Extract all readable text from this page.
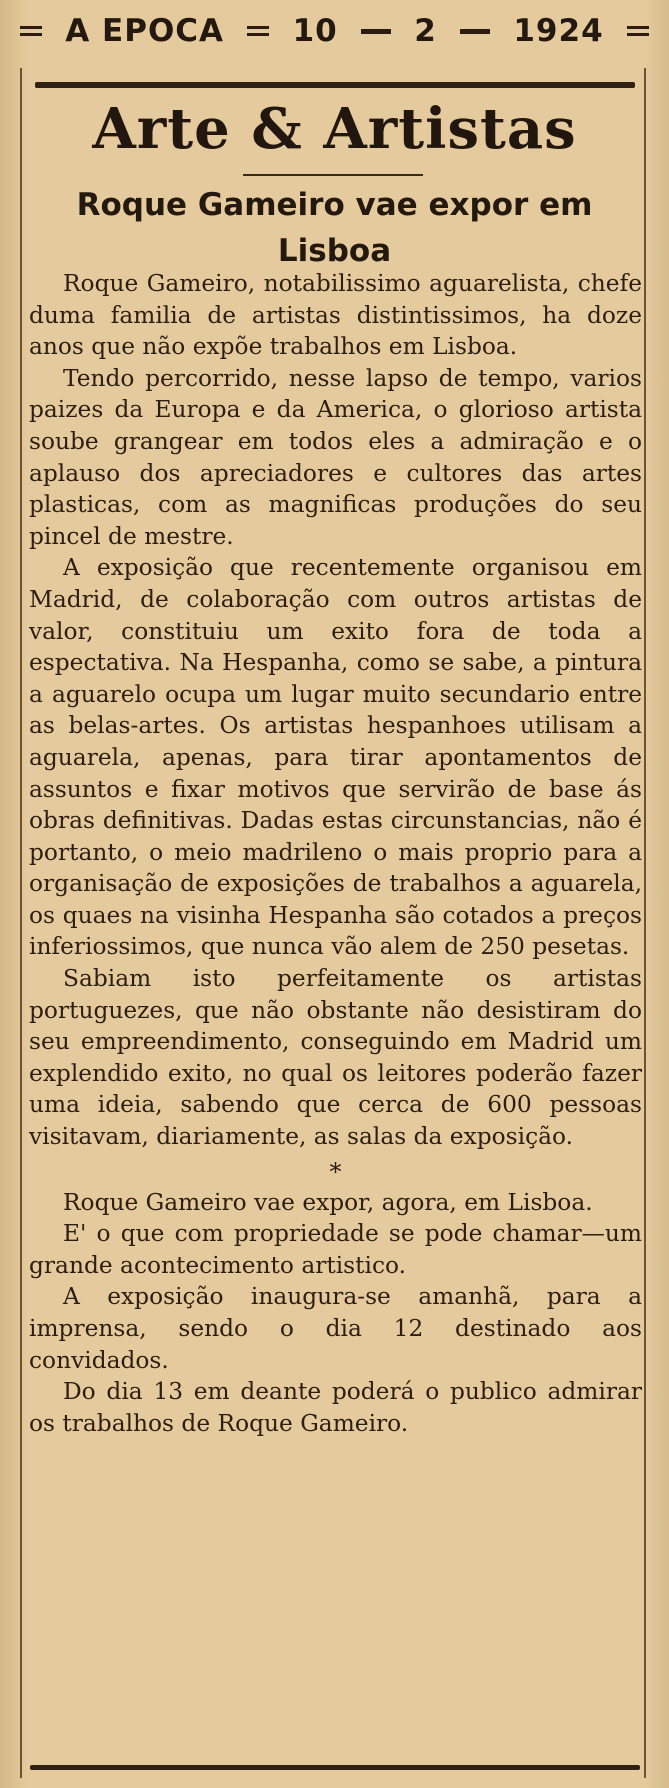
A EPOCA 10 2 1924
Arte & Artistas
Roque Gameiro vae expor em Lisboa

Roque Gameiro, notabilissimo aguarelista, chefe duma familia de artistas distintissimos, ha doze anos que não expõe trabalhos em Lisboa.

Tendo percorrido, nesse lapso de tempo, varios paizes da Europa e da America, o glorioso artista soube grangear em todos eles a admiração e o aplauso dos apreciadores e cultores das artes plasticas, com as magnificas produções do seu pincel de mestre.

A exposição que recentemente organisou em Madrid, de colaboração com outros artistas de valor, constituiu um exito fora de toda a espectativa. Na Hespanha, como se sabe, a pintura a aguarelo ocupa um lugar muito secundario entre as belas-artes. Os artistas hespanhoes utilisam a aguarela, apenas, para tirar apontamentos de assuntos e fixar motivos que servirão de base ás obras definitivas. Dadas estas circunstancias, não é portanto, o meio madrileno o mais proprio para a organisação de exposições de trabalhos a aguarela, os quaes na visinha Hespanha são cotados a preços inferiossimos, que nunca vão alem de 250 pesetas.

Sabiam isto perfeitamente os artistas portuguezes, que não obstante não desistiram do seu empreendimento, conseguindo em Madrid um explendido exito, no qual os leitores poderão fazer uma ideia, sabendo que cerca de 600 pessoas visitavam, diariamente, as salas da exposição.

*

Roque Gameiro vae expor, agora, em Lisboa.

E' o que com propriedade se pode chamar—um grande acontecimento artistico.

A exposição inaugura-se amanhã, para a imprensa, sendo o dia 12 destinado aos convidados.

Do dia 13 em deante poderá o publico admirar os trabalhos de Roque Gameiro.
